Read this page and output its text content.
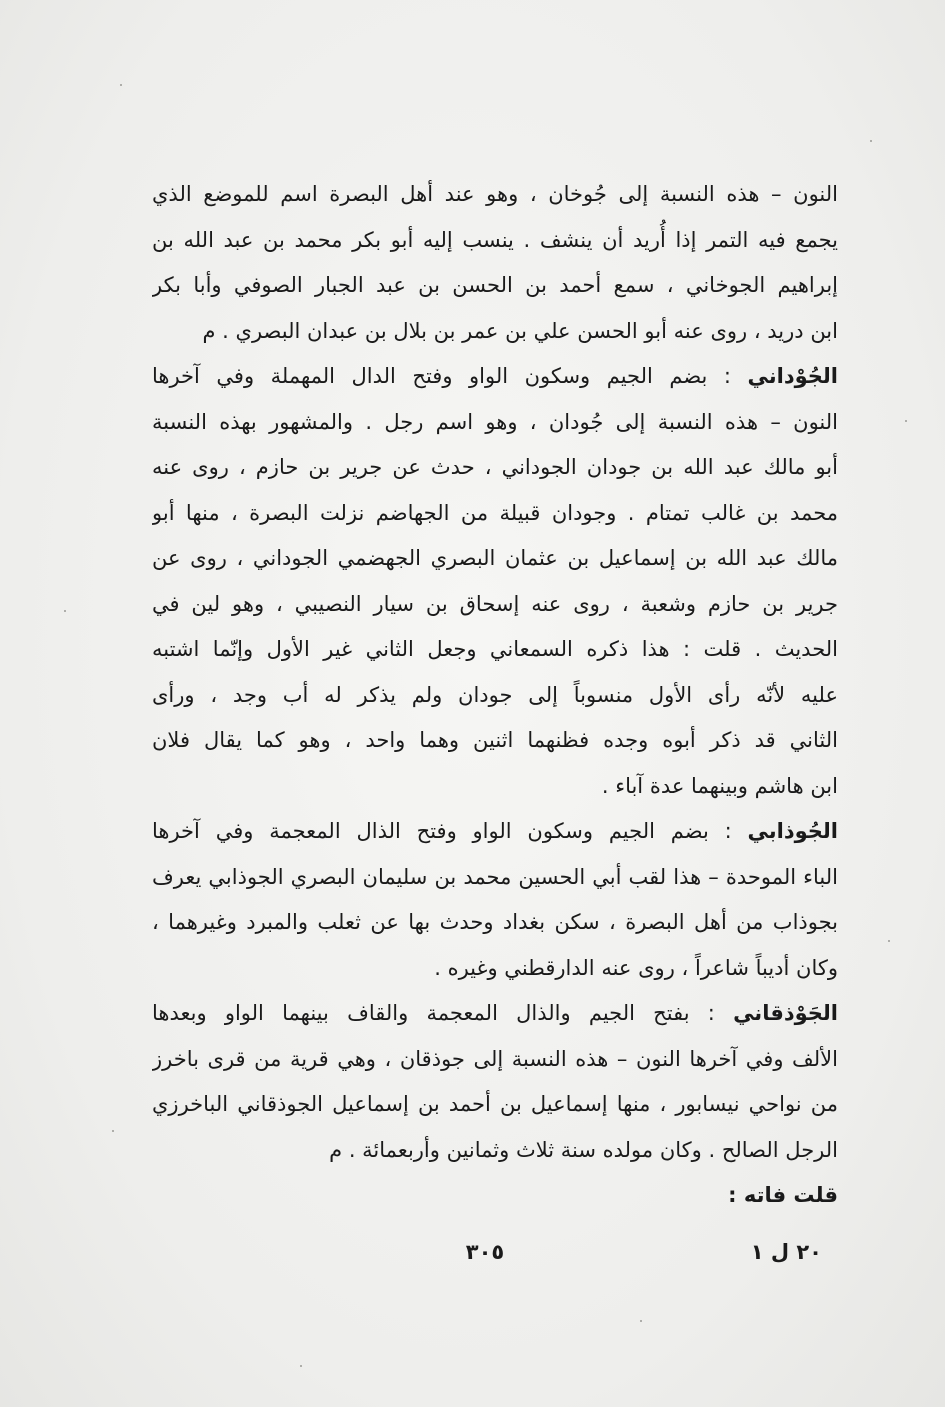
النون – هذه النسبة إلى جُوخان ، وهو عند أهل البصرة اسم للموضع الذي
يجمع فيه التمر إذا أُريد أن ينشف . ينسب إليه أبو بكر محمد بن عبد الله بن
إبراهيم الجوخاني ، سمع أحمد بن الحسن بن عبد الجبار الصوفي وأبا بكر
ابن دريد ، روى عنه أبو الحسن علي بن عمر بن بلال بن عبدان البصري . م
الجُوْداني : بضم الجيم وسكون الواو وفتح الدال المهملة وفي آخرها
النون – هذه النسبة إلى جُودان ، وهو اسم رجل . والمشهور بهذه النسبة
أبو مالك عبد الله بن جودان الجوداني ، حدث عن جرير بن حازم ، روى عنه
محمد بن غالب تمتام . وجودان قبيلة من الجهاضم نزلت البصرة ، منها أبو
مالك عبد الله بن إسماعيل بن عثمان البصري الجهضمي الجوداني ، روى عن
جرير بن حازم وشعبة ، روى عنه إسحاق بن سيار النصيبي ، وهو لين في
الحديث . قلت : هذا ذكره السمعاني وجعل الثاني غير الأول وإنّما اشتبه
عليه لأنّه رأى الأول منسوباً إلى جودان ولم يذكر له أب وجد ، ورأى
الثاني قد ذكر أبوه وجده فظنهما اثنين وهما واحد ، وهو كما يقال فلان
ابن هاشم وبينهما عدة آباء .
الجُوذابي : بضم الجيم وسكون الواو وفتح الذال المعجمة وفي آخرها
الباء الموحدة – هذا لقب أبي الحسين محمد بن سليمان البصري الجوذابي يعرف
بجوذاب من أهل البصرة ، سكن بغداد وحدث بها عن ثعلب والمبرد وغيرهما ،
وكان أديباً شاعراً ، روى عنه الدارقطني وغيره .
الجَوْذقاني : بفتح الجيم والذال المعجمة والقاف بينهما الواو وبعدها
الألف وفي آخرها النون – هذه النسبة إلى جوذقان ، وهي قرية من قرى باخرز
من نواحي نيسابور ، منها إسماعيل بن أحمد بن إسماعيل الجوذقاني الباخرزي
الرجل الصالح . وكان مولده سنة ثلاث وثمانين وأربعمائة . م
قلت فاته :
٣٠٥	٢٠ ل ١
